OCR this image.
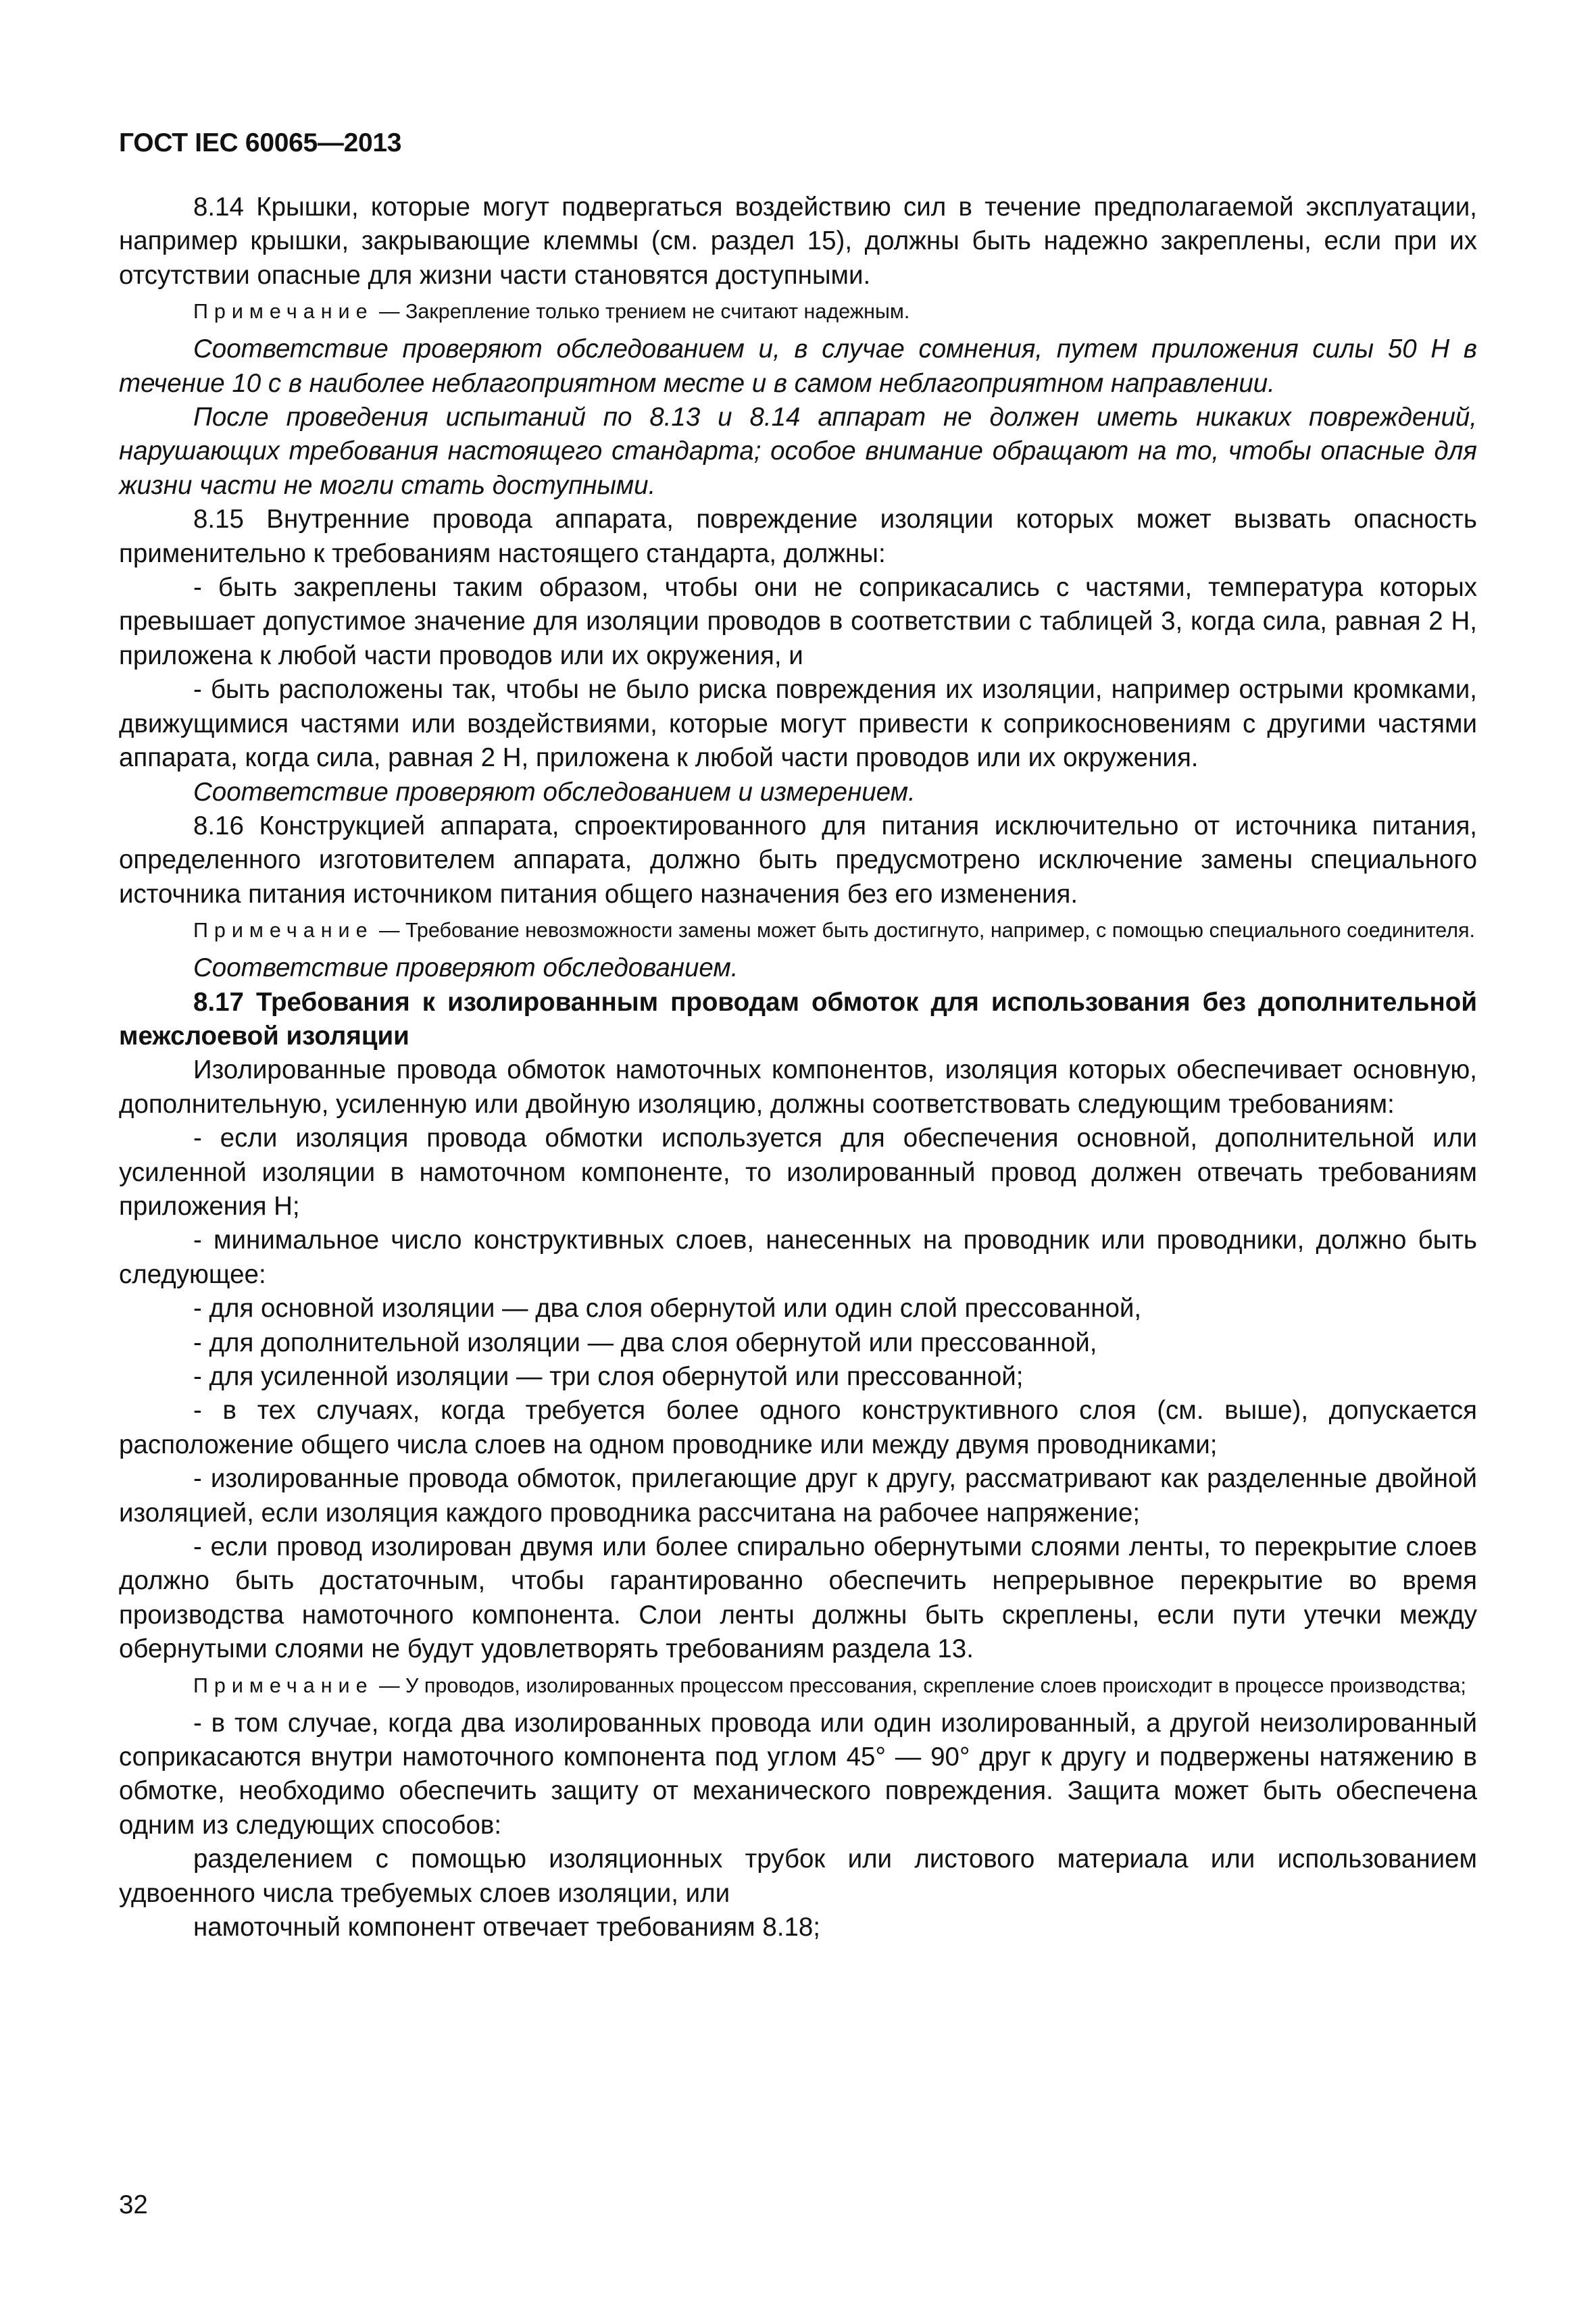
ГОСТ IEC 60065—2013

8.14 Крышки, которые могут подвергаться воздействию сил в течение предполагаемой эксплуатации, например крышки, закрывающие клеммы (см. раздел 15), должны быть надежно закреплены, если при их отсутствии опасные для жизни части становятся доступными.

Примечание — Закрепление только трением не считают надежным.

Соответствие проверяют обследованием и, в случае сомнения, путем приложения силы 50 Н в течение 10 с в наиболее неблагоприятном месте и в самом неблагоприятном направлении.

После проведения испытаний по 8.13 и 8.14 аппарат не должен иметь никаких повреждений, нарушающих требования настоящего стандарта; особое внимание обращают на то, чтобы опасные для жизни части не могли стать доступными.

8.15 Внутренние провода аппарата, повреждение изоляции которых может вызвать опасность применительно к требованиям настоящего стандарта, должны:

- быть закреплены таким образом, чтобы они не соприкасались с частями, температура которых превышает допустимое значение для изоляции проводов в соответствии с таблицей 3, когда сила, равная 2 Н, приложена к любой части проводов или их окружения, и

- быть расположены так, чтобы не было риска повреждения их изоляции, например острыми кромками, движущимися частями или воздействиями, которые могут привести к соприкосновениям с другими частями аппарата, когда сила, равная 2 Н, приложена к любой части проводов или их окружения.

Соответствие проверяют обследованием и измерением.

8.16 Конструкцией аппарата, спроектированного для питания исключительно от источника питания, определенного изготовителем аппарата, должно быть предусмотрено исключение замены специального источника питания источником питания общего назначения без его изменения.

Примечание — Требование невозможности замены может быть достигнуто, например, с помощью специального соединителя.

Соответствие проверяют обследованием.

8.17 Требования к изолированным проводам обмоток для использования без дополнительной межслоевой изоляции

Изолированные провода обмоток намоточных компонентов, изоляция которых обеспечивает основную, дополнительную, усиленную или двойную изоляцию, должны соответствовать следующим требованиям:

- если изоляция провода обмотки используется для обеспечения основной, дополнительной или усиленной изоляции в намоточном компоненте, то изолированный провод должен отвечать требованиям приложения Н;

- минимальное число конструктивных слоев, нанесенных на проводник или проводники, должно быть следующее:

- для основной изоляции — два слоя обернутой или один слой прессованной,

- для дополнительной изоляции — два слоя обернутой или прессованной,

- для усиленной изоляции — три слоя обернутой или прессованной;

- в тех случаях, когда требуется более одного конструктивного слоя (см. выше), допускается расположение общего числа слоев на одном проводнике или между двумя проводниками;

- изолированные провода обмоток, прилегающие друг к другу, рассматривают как разделенные двойной изоляцией, если изоляция каждого проводника рассчитана на рабочее напряжение;

- если провод изолирован двумя или более спирально обернутыми слоями ленты, то перекрытие слоев должно быть достаточным, чтобы гарантированно обеспечить непрерывное перекрытие во время производства намоточного компонента. Слои ленты должны быть скреплены, если пути утечки между обернутыми слоями не будут удовлетворять требованиям раздела 13.

Примечание — У проводов, изолированных процессом прессования, скрепление слоев происходит в процессе производства;

- в том случае, когда два изолированных провода или один изолированный, а другой неизолированный соприкасаются внутри намоточного компонента под углом 45° — 90° друг к другу и подвержены натяжению в обмотке, необходимо обеспечить защиту от механического повреждения. Защита может быть обеспечена одним из следующих способов:

разделением с помощью изоляционных трубок или листового материала или использованием удвоенного числа требуемых слоев изоляции, или

намоточный компонент отвечает требованиям 8.18;

32
